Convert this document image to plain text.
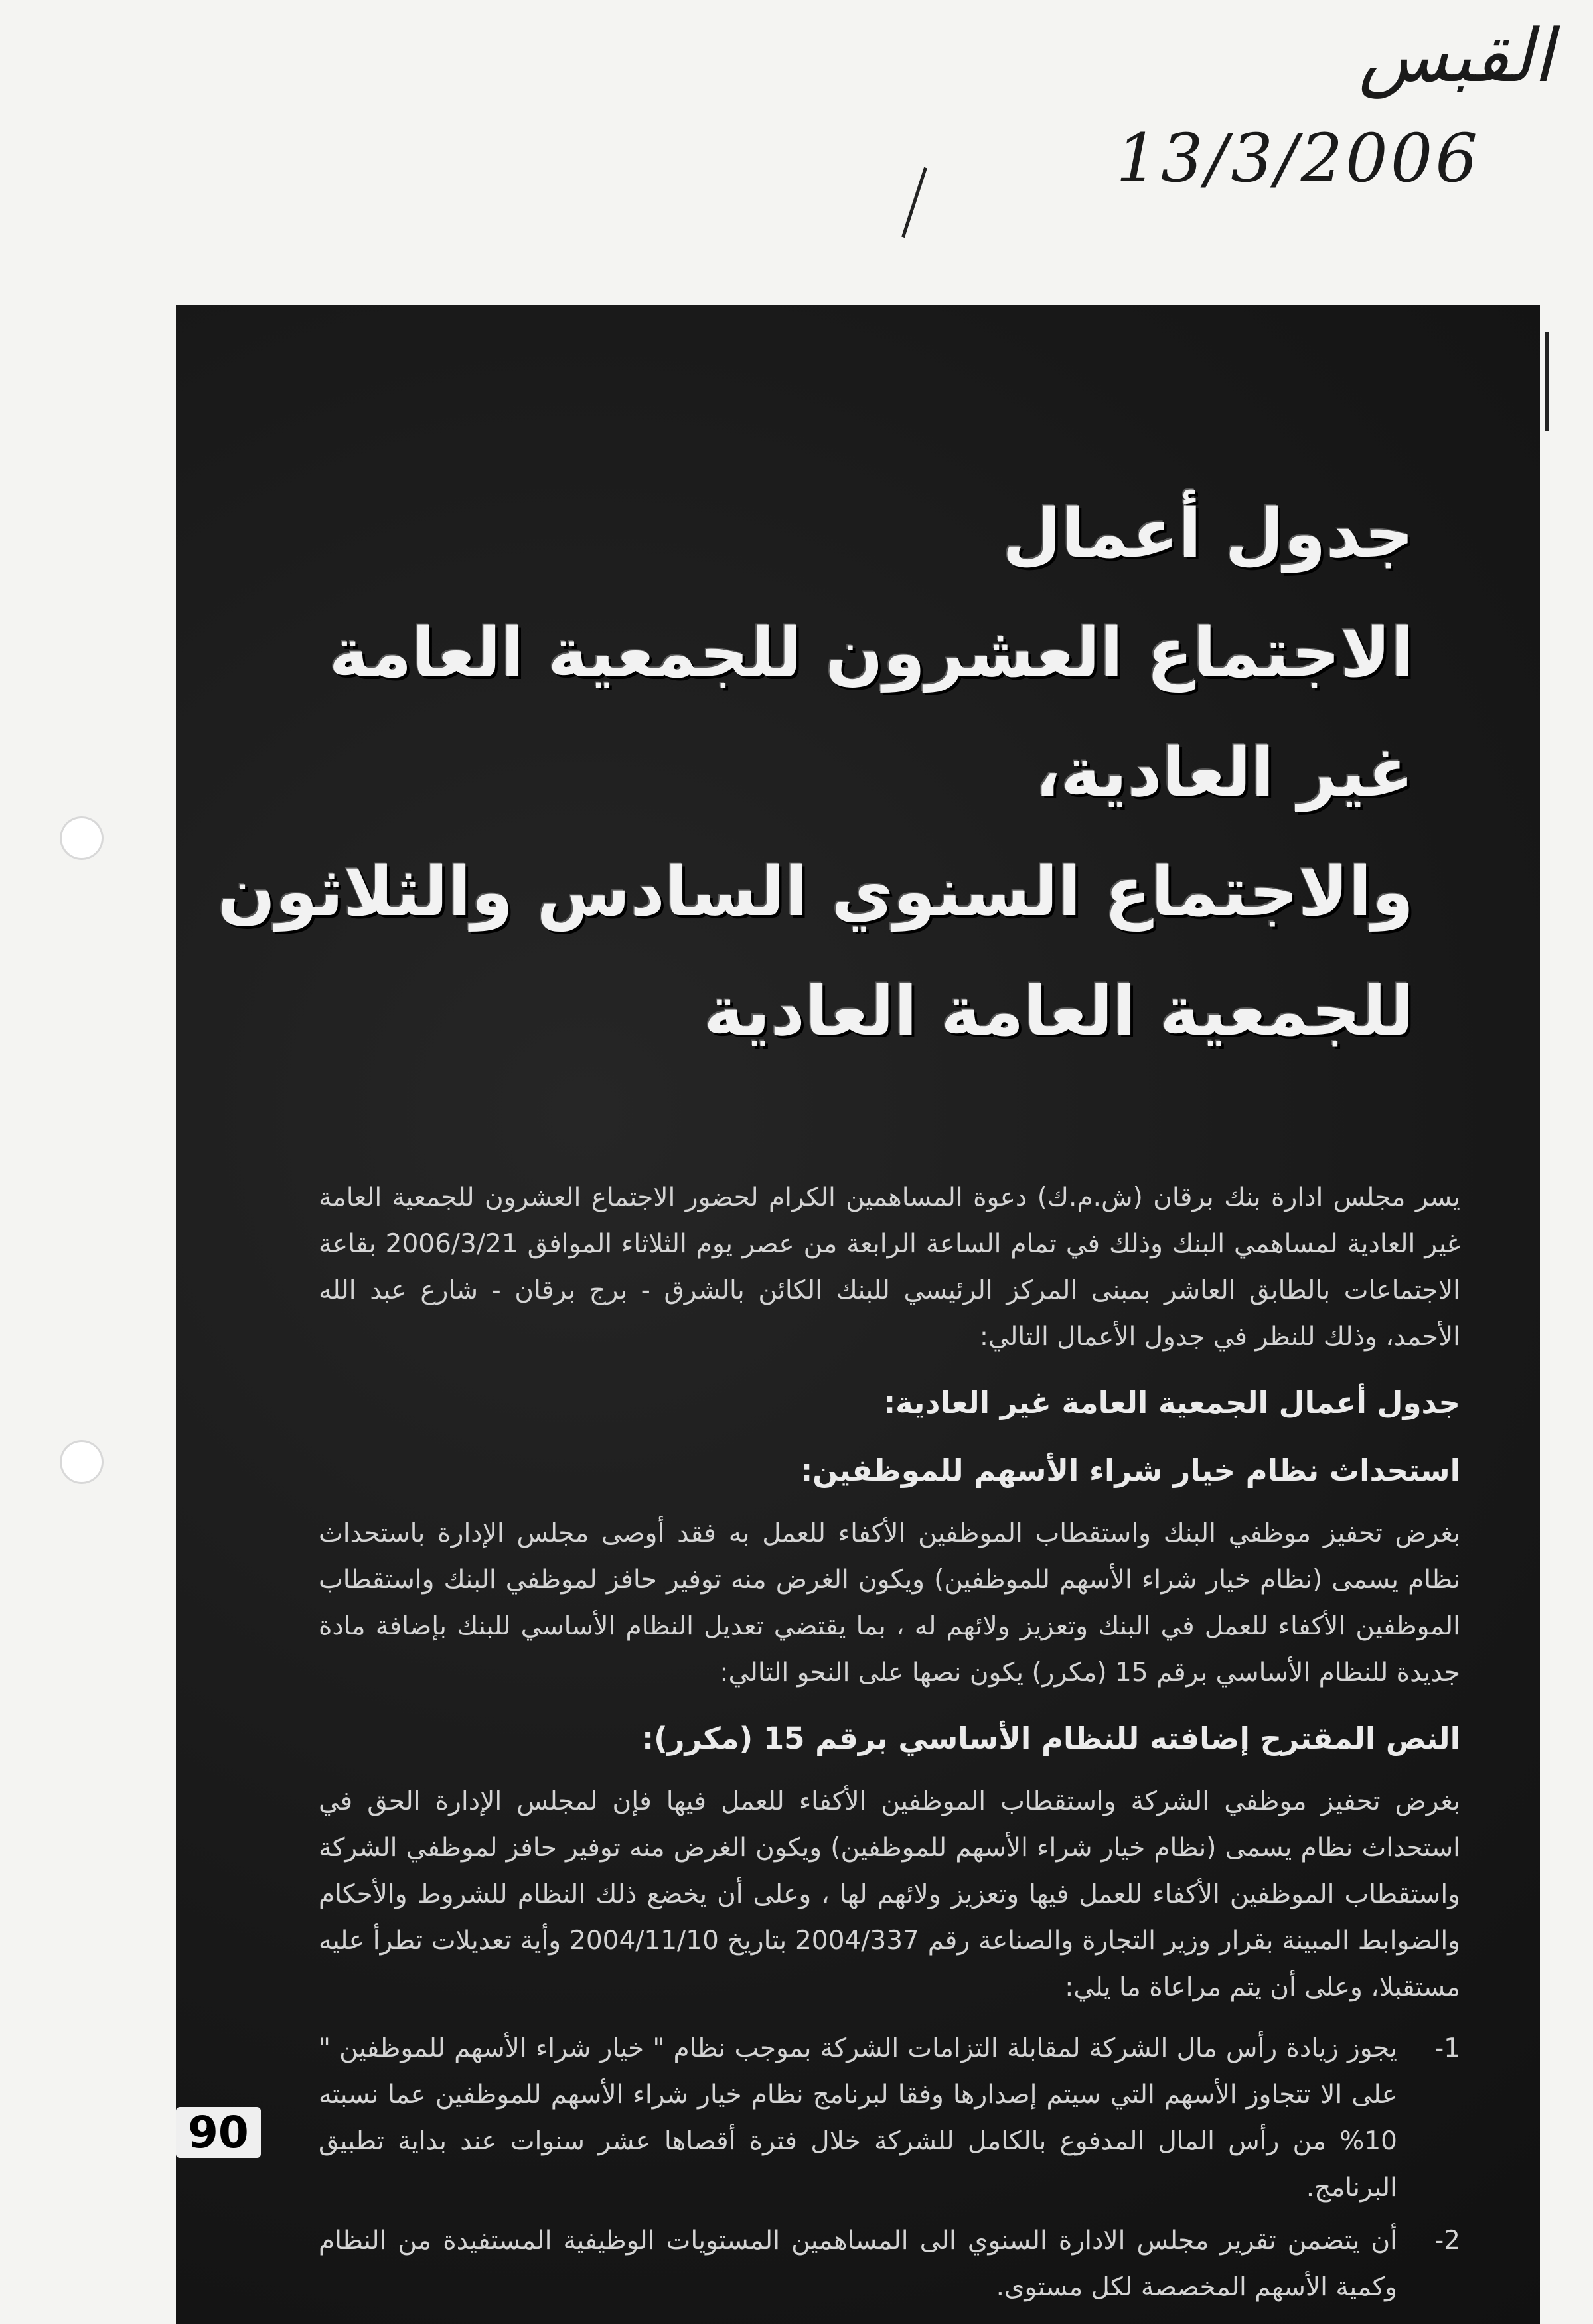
القبس
13/3/2006
جدول أعمال
الاجتماع العشرون للجمعية العامة
غير العادية،
والاجتماع السنوي السادس والثلاثون
للجمعية العامة العادية

يسر مجلس ادارة بنك برقان (ش.م.ك) دعوة المساهمين الكرام لحضور الاجتماع العشرون للجمعية العامة غير العادية لمساهمي البنك وذلك في تمام الساعة الرابعة من عصر يوم الثلاثاء الموافق 2006/3/21 بقاعة الاجتماعات بالطابق العاشر بمبنى المركز الرئيسي للبنك الكائن بالشرق - برج برقان - شارع عبد الله الأحمد، وذلك للنظر في جدول الأعمال التالي:

جدول أعمال الجمعية العامة غير العادية:
استحداث نظام خيار شراء الأسهم للموظفين:

بغرض تحفيز موظفي البنك واستقطاب الموظفين الأكفاء للعمل به فقد أوصى مجلس الإدارة باستحداث نظام يسمى (نظام خيار شراء الأسهم للموظفين) ويكون الغرض منه توفير حافز لموظفي البنك واستقطاب الموظفين الأكفاء للعمل في البنك وتعزيز ولائهم له ، بما يقتضي تعديل النظام الأساسي للبنك بإضافة مادة جديدة للنظام الأساسي برقم 15 (مكرر) يكون نصها على النحو التالي:

النص المقترح إضافته للنظام الأساسي برقم 15 (مكرر):

بغرض تحفيز موظفي الشركة واستقطاب الموظفين الأكفاء للعمل فيها فإن لمجلس الإدارة الحق في استحداث نظام يسمى (نظام خيار شراء الأسهم للموظفين) ويكون الغرض منه توفير حافز لموظفي الشركة واستقطاب الموظفين الأكفاء للعمل فيها وتعزيز ولائهم لها ، وعلى أن يخضع ذلك النظام للشروط والأحكام والضوابط المبينة بقرار وزير التجارة والصناعة رقم 2004/337 بتاريخ 2004/11/10 وأية تعديلات تطرأ عليه مستقبلا، وعلى أن يتم مراعاة ما يلي:

-1
يجوز زيادة رأس مال الشركة لمقابلة التزامات الشركة بموجب نظام " خيار شراء الأسهم للموظفين " على الا تتجاوز الأسهم التي سيتم إصدارها وفقا لبرنامج نظام خيار شراء الأسهم للموظفين عما نسبته 10% من رأس المال المدفوع بالكامل للشركة خلال فترة أقصاها عشر سنوات عند بداية تطبيق البرنامج.
-2
أن يتضمن تقرير مجلس الادارة السنوي الى المساهمين المستويات الوظيفية المستفيدة من النظام وكمية الأسهم المخصصة لكل مستوى.
90
